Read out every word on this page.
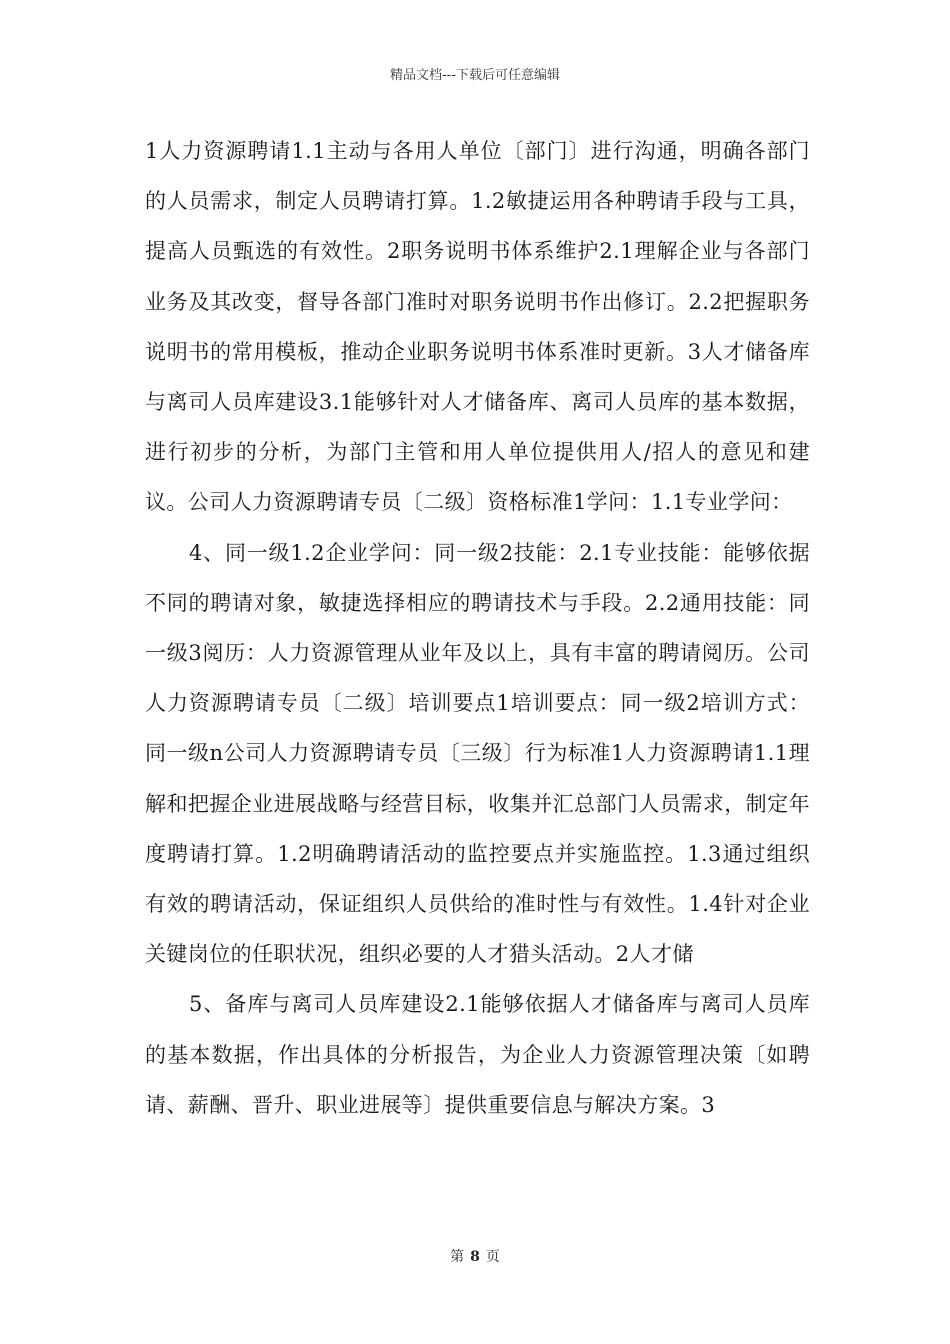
精品文档---下载后可任意编辑

1人力资源聘请1.1主动与各用人单位〔部门〕进行沟通，明确各部门的人员需求，制定人员聘请打算。1.2敏捷运用各种聘请手段与工具，提高人员甄选的有效性。2职务说明书体系维护2.1理解企业与各部门业务及其改变，督导各部门准时对职务说明书作出修订。2.2把握职务说明书的常用模板，推动企业职务说明书体系准时更新。3人才储备库与离司人员库建设3.1能够针对人才储备库、离司人员库的基本数据，进行初步的分析，为部门主管和用人单位提供用人/招人的意见和建议。公司人力资源聘请专员〔二级〕资格标准1学问：1.1专业学问：

4、同一级1.2企业学问：同一级2技能：2.1专业技能：能够依据不同的聘请对象，敏捷选择相应的聘请技术与手段。2.2通用技能：同一级3阅历：人力资源管理从业年及以上，具有丰富的聘请阅历。公司人力资源聘请专员〔二级〕培训要点1培训要点：同一级2培训方式：同一级n公司人力资源聘请专员〔三级〕行为标准1人力资源聘请1.1理解和把握企业进展战略与经营目标，收集并汇总部门人员需求，制定年度聘请打算。1.2明确聘请活动的监控要点并实施监控。1.3通过组织有效的聘请活动，保证组织人员供给的准时性与有效性。1.4针对企业关键岗位的任职状况，组织必要的人才猎头活动。2人才储

5、备库与离司人员库建设2.1能够依据人才储备库与离司人员库的基本数据，作出具体的分析报告，为企业人力资源管理决策〔如聘请、薪酬、晋升、职业进展等〕提供重要信息与解决方案。3

第 8 页
